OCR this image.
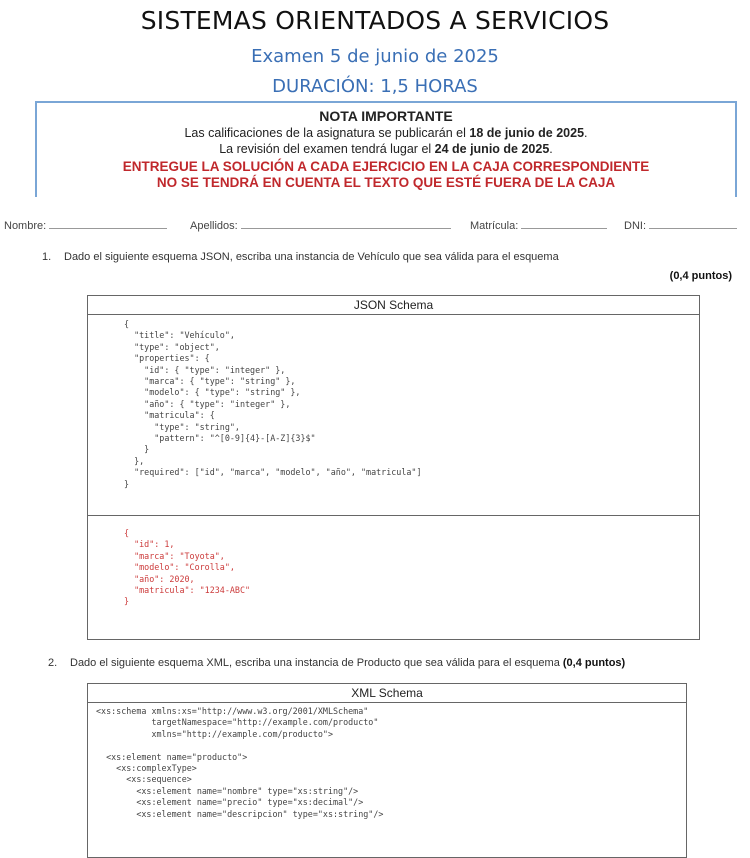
SISTEMAS ORIENTADOS A SERVICIOS
Examen 5 de junio de 2025
DURACIÓN: 1,5 HORAS
NOTA IMPORTANTE
Las calificaciones de la asignatura se publicarán el 18 de junio de 2025.
La revisión del examen tendrá lugar el 24 de junio de 2025.
ENTREGUE LA SOLUCIÓN A CADA EJERCICIO EN LA CAJA CORRESPONDIENTE
NO SE TENDRÁ EN CUENTA EL TEXTO QUE ESTÉ FUERA DE LA CAJA
Nombre:	Apellidos:	Matrícula:	DNI:
1. Dado el siguiente esquema JSON, escriba una instancia de Vehículo que sea válida para el esquema
(0,4 puntos)
JSON Schema
{
"title": "Vehículo",
"type": "object",
"properties": {
"id": { "type": "integer" },
"marca": { "type": "string" },
"modelo": { "type": "string" },
"año": { "type": "integer" },
"matricula": {
"type": "string",
"pattern": "^[0-9]{4}-[A-Z]{3}$"
}
},
"required": ["id", "marca", "modelo", "año", "matricula"]
}
{
"id": 1,
"marca": "Toyota",
"modelo": "Corolla",
"año": 2020,
"matricula": "1234-ABC"
}
2. Dado el siguiente esquema XML, escriba una instancia de Producto que sea válida para el esquema (0,4 puntos)
XML Schema
<xs:schema xmlns:xs="http://www.w3.org/2001/XMLSchema"
targetNamespace="http://example.com/producto"
xmlns="http://example.com/producto">

<xs:element name="producto">
<xs:complexType>
<xs:sequence>
<xs:element name="nombre" type="xs:string"/>
<xs:element name="precio" type="xs:decimal"/>
<xs:element name="descripcion" type="xs:string"/>
